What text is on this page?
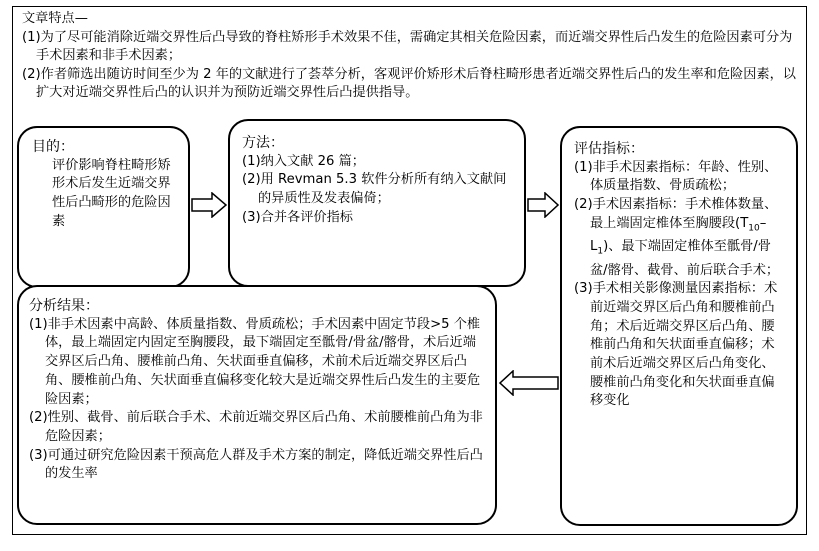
文章特点—
(1)为了尽可能消除近端交界性后凸导致的脊柱矫形手术效果不佳，需确定其相关危险因素，而近端交界性后凸发生的危险因素可分为手术因素和非手术因素；
(2)作者筛选出随访时间至少为 2 年的文献进行了荟萃分析，客观评价矫形术后脊柱畸形患者近端交界性后凸的发生率和危险因素，以扩大对近端交界性后凸的认识并为预防近端交界性后凸提供指导。
目的：
评价影响脊柱畸形矫形术后发生近端交界性后凸畸形的危险因素
方法：
(1)纳入文献 26 篇；
(2)用 Revman 5.3 软件分析所有纳入文献间的异质性及发表偏倚；
(3)合并各评价指标
评估指标：
(1)非手术因素指标：年龄、性别、体质量指数、骨质疏松；
(2)手术因素指标：手术椎体数量、最上端固定椎体至胸腰段$(T_{10}-L_1)$、最下端固定椎体至骶骨/骨盆/髂骨、截骨、前后联合手术；
(3)手术相关影像测量因素指标：术前近端交界区后凸角和腰椎前凸角；术后近端交界区后凸角、腰椎前凸角和矢状面垂直偏移；术前术后近端交界区后凸角变化、腰椎前凸角变化和矢状面垂直偏移变化
分析结果：
(1)非手术因素中高龄、体质量指数、骨质疏松；手术因素中固定节段>5 个椎体，最上端固定内固定至胸腰段，最下端固定至骶骨/骨盆/髂骨，术后近端交界区后凸角、腰椎前凸角、矢状面垂直偏移，术前术后近端交界区后凸角、腰椎前凸角、矢状面垂直偏移变化较大是近端交界性后凸发生的主要危险因素；
(2)性别、截骨、前后联合手术、术前近端交界区后凸角、术前腰椎前凸角为非危险因素；
(3)可通过研究危险因素干预高危人群及手术方案的制定，降低近端交界性后凸的发生率
